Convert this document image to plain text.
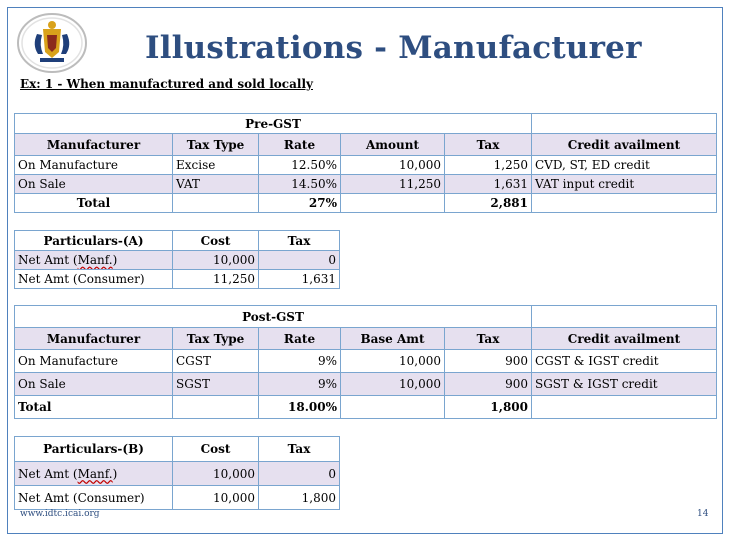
Illustrations - Manufacturer
Ex: 1 - When manufactured and sold locally
Pre-GST					
Manufacturer	Tax Type	Rate	Amount	Tax	Credit availment
On Manufacture	Excise	12.50%	10,000	1,250	CVD, ST, ED credit
On Sale	VAT	14.50%	11,250	1,631	VAT input credit
Total		27%		2,881	
Particulars-(A)	Cost	Tax
Net Amt (Manf.)	10,000	0
Net Amt (Consumer)	11,250	1,631
Post-GST					
Manufacturer	Tax Type	Rate	Base Amt	Tax	Credit availment
On Manufacture	CGST	9%	10,000	900	CGST & IGST credit
On Sale	SGST	9%	10,000	900	SGST & IGST credit
Total		18.00%		1,800	
Particulars-(B)	Cost	Tax
Net Amt (Manf.)	10,000	0
Net Amt (Consumer)	10,000	1,800
www.idtc.icai.org	14
